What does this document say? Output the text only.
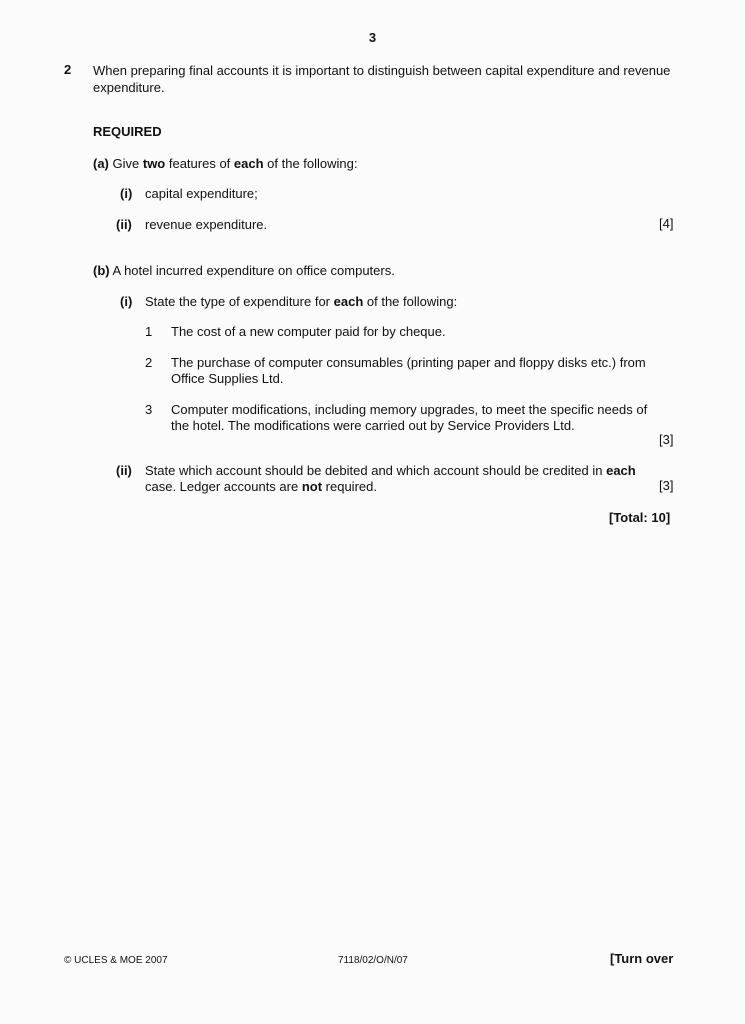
3
2 When preparing final accounts it is important to distinguish between capital expenditure and revenue expenditure.
REQUIRED
(a) Give two features of each of the following:
(i) capital expenditure;
(ii) revenue expenditure.	[4]
(b) A hotel incurred expenditure on office computers.
(i) State the type of expenditure for each of the following:
1 The cost of a new computer paid for by cheque.
2 The purchase of computer consumables (printing paper and floppy disks etc.) from
Office Supplies Ltd.
3 Computer modifications, including memory upgrades, to meet the specific needs of
the hotel. The modifications were carried out by Service Providers Ltd.
[3]
(ii) State which account should be debited and which account should be credited in each
case. Ledger accounts are not required.	[3]
[Total: 10]
© UCLES & MOE 2007	7118/02/O/N/07	[Turn over
